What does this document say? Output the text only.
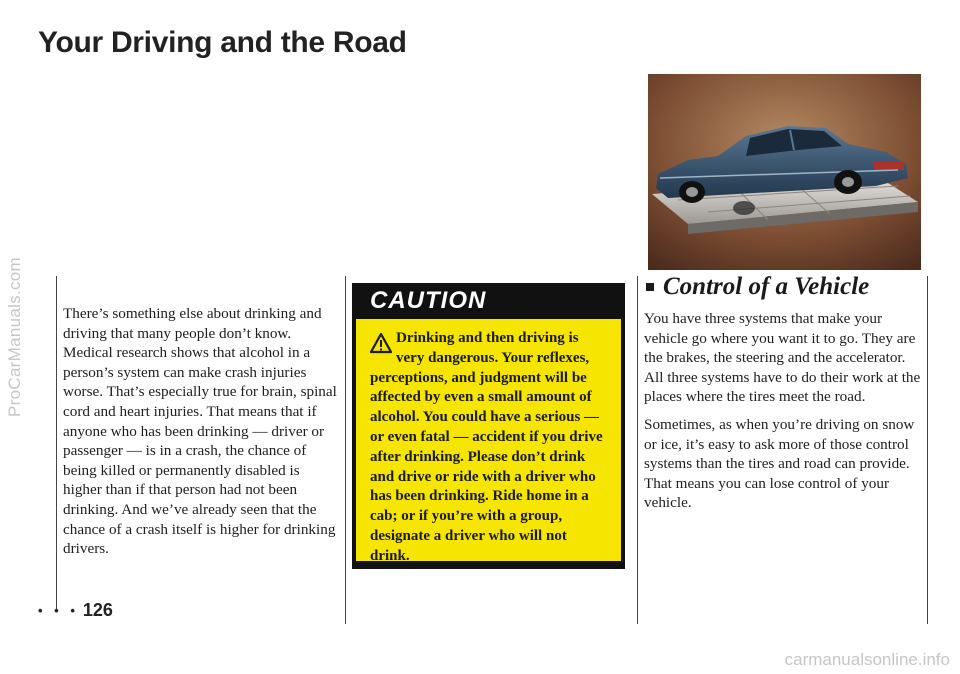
ProCarManuals.com
Your Driving and the Road

There’s something else about drinking and driving that many people don’t know. Medical research shows that alcohol in a person’s system can make crash injuries worse. That’s especially true for brain, spinal cord and heart injuries. That means that if anyone who has been drinking — driver or passenger — is in a crash, the chance of being killed or permanently disabled is higher than if that person had not been drinking. And we’ve already seen that the chance of a crash itself is higher for drinking drivers.

CAUTION
Drinking and then driving is very dangerous. Your reflexes, perceptions, and judgment will be affected by even a small amount of alcohol. You could have a serious — or even fatal — accident if you drive after drinking. Please don’t drink and drive or ride with a driver who has been drinking. Ride home in a cab; or if you’re with a group, designate a driver who will not drink.
Control of a Vehicle

You have three systems that make your vehicle go where you want it to go. They are the brakes, the steering and the accelerator. All three systems have to do their work at the places where the tires meet the road.

Sometimes, as when you’re driving on snow or ice, it’s easy to ask more of those control systems than the tires and road can provide. That means you can lose control of your vehicle.

• • • 126
carmanualsonline.info
